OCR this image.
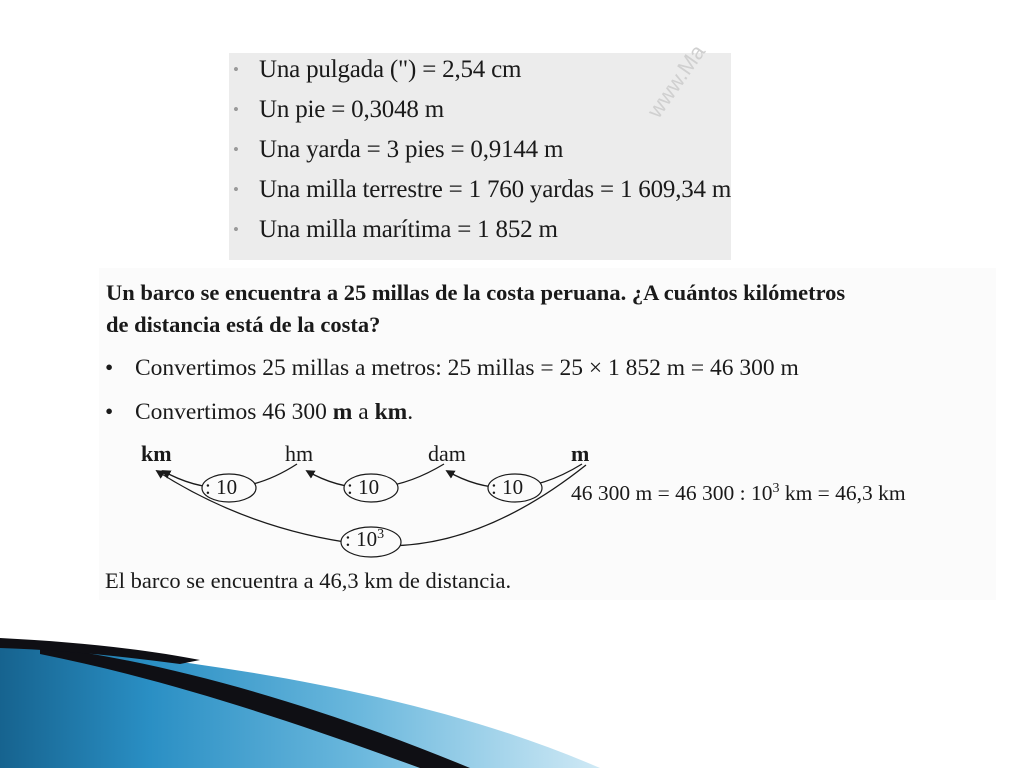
• Una pulgada (") = 2,54 cm
• Un pie = 0,3048 m
• Una yarda = 3 pies = 0,9144 m
• Una milla terrestre = 1 760 yardas = 1 609,34 m
• Una milla marítima = 1 852 m
www.Ma
Un barco se encuentra a 25 millas de la costa peruana. ¿A cuántos kilómetros
de distancia está de la costa?
• Convertimos 25 millas a metros: 25 millas = 25 × 1 852 m = 46 300 m
• Convertimos 46 300 m a km.
km	hm	dam	m
: 10	: 10	: 10
: $10^3$
46 300 m = 46 300 : $10^3$ km = 46,3 km
El barco se encuentra a 46,3 km de distancia.
